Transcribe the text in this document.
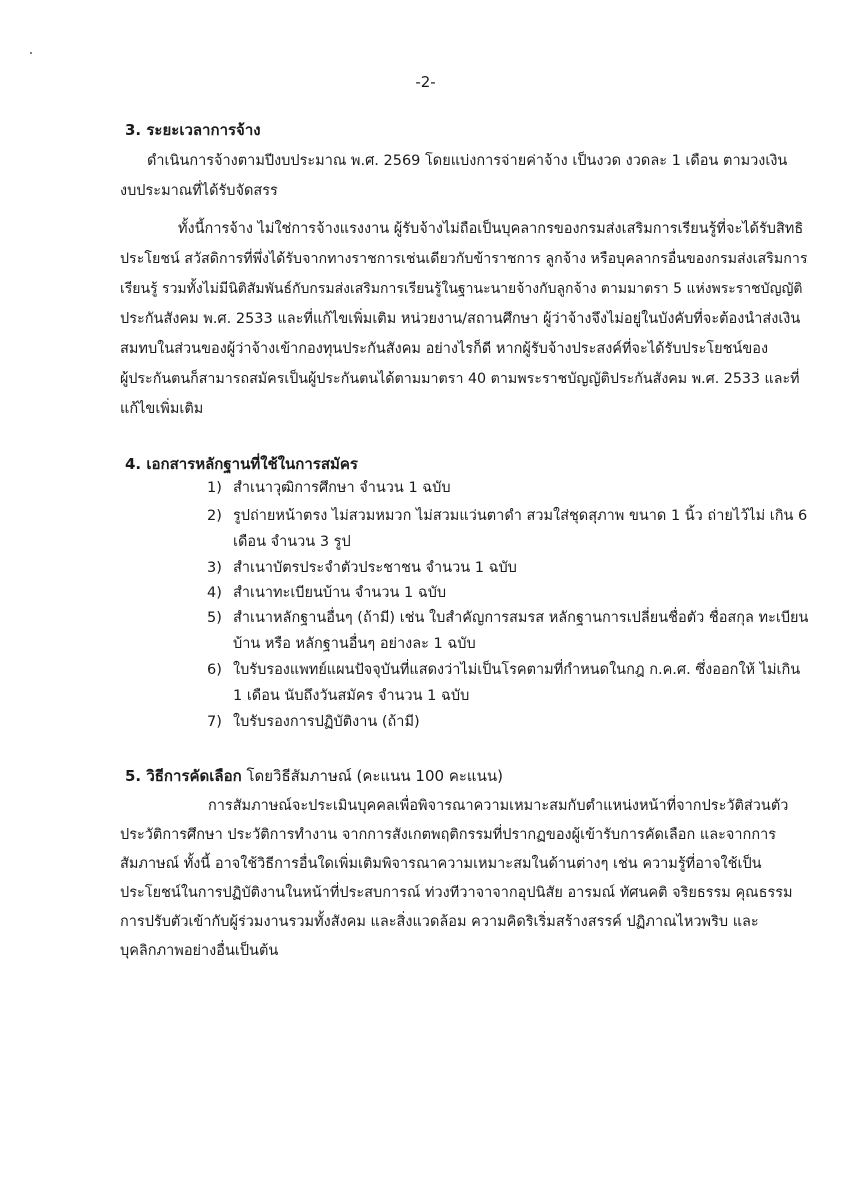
-2-
3. ระยะเวลาการจ้าง
ดำเนินการจ้างตามปีงบประมาณ พ.ศ. 2569 โดยแบ่งการจ่ายค่าจ้าง เป็นงวด งวดละ 1 เดือน ตามวงเงิน
งบประมาณที่ได้รับจัดสรร
ทั้งนี้การจ้าง ไม่ใช่การจ้างแรงงาน ผู้รับจ้างไม่ถือเป็นบุคลากรของกรมส่งเสริมการเรียนรู้ที่จะได้รับสิทธิ
ประโยชน์ สวัสดิการที่พึ่งได้รับจากทางราชการเช่นเดียวกับข้าราชการ ลูกจ้าง หรือบุคลากรอื่นของกรมส่งเสริมการ
เรียนรู้ รวมทั้งไม่มีนิติสัมพันธ์กับกรมส่งเสริมการเรียนรู้ในฐานะนายจ้างกับลูกจ้าง ตามมาตรา 5 แห่งพระราชบัญญัติ
ประกันสังคม พ.ศ. 2533 และที่แก้ไขเพิ่มเติม หน่วยงาน/สถานศึกษา ผู้ว่าจ้างจึงไม่อยู่ในบังคับที่จะต้องนำส่งเงิน
สมทบในส่วนของผู้ว่าจ้างเข้ากองทุนประกันสังคม อย่างไรก็ดี หากผู้รับจ้างประสงค์ที่จะได้รับประโยชน์ของ
ผู้ประกันตนก็สามารถสมัครเป็นผู้ประกันตนได้ตามมาตรา 40 ตามพระราชบัญญัติประกันสังคม พ.ศ. 2533 และที่
แก้ไขเพิ่มเติม
4. เอกสารหลักฐานที่ใช้ในการสมัคร
1) สำเนาวุฒิการศึกษา จำนวน 1 ฉบับ
2) รูปถ่ายหน้าตรง ไม่สวมหมวก ไม่สวมแว่นตาดำ สวมใส่ชุดสุภาพ ขนาด 1 นิ้ว ถ่ายไว้ไม่ เกิน 6
เดือน จำนวน 3 รูป
3) สำเนาบัตรประจำตัวประชาชน จำนวน 1 ฉบับ
4) สำเนาทะเบียนบ้าน จำนวน 1 ฉบับ
5) สำเนาหลักฐานอื่นๆ (ถ้ามี) เช่น ใบสำคัญการสมรส หลักฐานการเปลี่ยนชื่อตัว ชื่อสกุล ทะเบียน
บ้าน หรือ หลักฐานอื่นๆ อย่างละ 1 ฉบับ
6) ใบรับรองแพทย์แผนปัจจุบันที่แสดงว่าไม่เป็นโรคตามที่กำหนดในกฎ ก.ค.ศ. ซึ่งออกให้ ไม่เกิน
1 เดือน นับถึงวันสมัคร จำนวน 1 ฉบับ
7) ใบรับรองการปฏิบัติงาน (ถ้ามี)
5. วิธีการคัดเลือก โดยวิธีสัมภาษณ์ (คะแนน 100 คะแนน)
การสัมภาษณ์จะประเมินบุคคลเพื่อพิจารณาความเหมาะสมกับตำแหน่งหน้าที่จากประวัติส่วนตัว
ประวัติการศึกษา ประวัติการทำงาน จากการสังเกตพฤติกรรมที่ปรากฏของผู้เข้ารับการคัดเลือก และจากการ
สัมภาษณ์ ทั้งนี้ อาจใช้วิธีการอื่นใดเพิ่มเติมพิจารณาความเหมาะสมในด้านต่างๆ เช่น ความรู้ที่อาจใช้เป็น
ประโยชน์ในการปฏิบัติงานในหน้าที่ประสบการณ์ ท่วงทีวาจาจากอุปนิสัย อารมณ์ ทัศนคติ จริยธรรม คุณธรรม
การปรับตัวเข้ากับผู้ร่วมงานรวมทั้งสังคม และสิ่งแวดล้อม ความคิดริเริ่มสร้างสรรค์ ปฏิภาณไหวพริบ และ
บุคลิกภาพอย่างอื่นเป็นต้น
